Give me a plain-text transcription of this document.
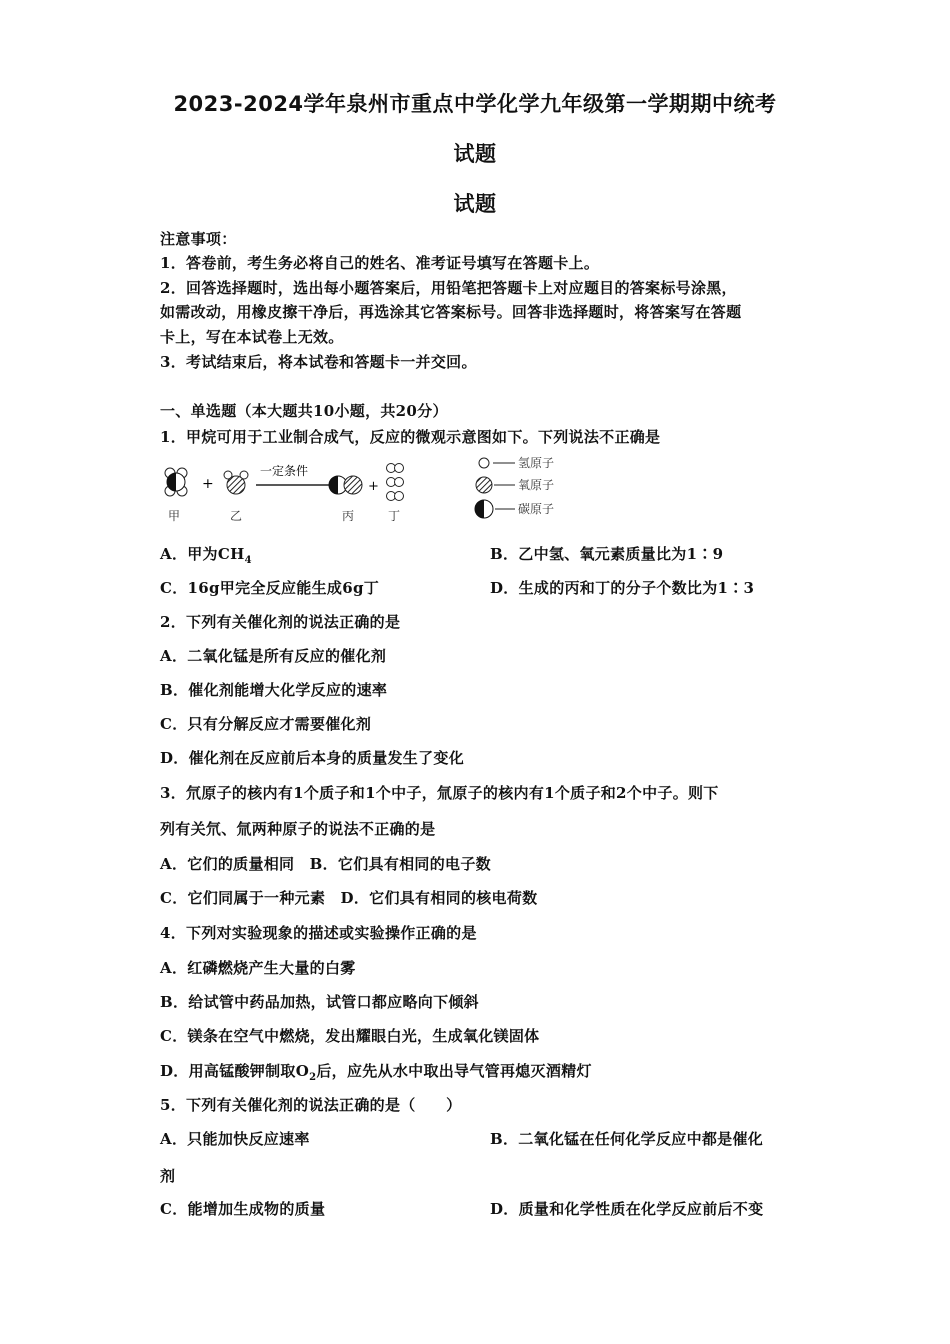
2023-2024学年泉州市重点中学化学九年级第一学期期中统考
试题
试题
注意事项：
1．答卷前，考生务必将自己的姓名、准考证号填写在答题卡上。
2．回答选择题时，选出每小题答案后，用铅笔把答题卡上对应题目的答案标号涂黑，
如需改动，用橡皮擦干净后，再选涂其它答案标号。回答非选择题时，将答案写在答题
卡上，写在本试卷上无效。
3．考试结束后，将本试卷和答题卡一并交回。
一、单选题（本大题共10小题，共20分）
1．甲烷可用于工业制合成气，反应的微观示意图如下。下列说法不正确是
+
一定条件
+
甲	乙	丙	丁
氢原子
氧原子
碳原子
A．甲为$CH_4$	B．乙中氢、氧元素质量比为1∶9
C．16g甲完全反应能生成6g丁	D．生成的丙和丁的分子个数比为1∶3
2．下列有关催化剂的说法正确的是
A．二氧化锰是所有反应的催化剂
B．催化剂能增大化学反应的速率
C．只有分解反应才需要催化剂
D．催化剂在反应前后本身的质量发生了变化
3．氘原子的核内有1个质子和1个中子，氚原子的核内有1个质子和2个中子。则下
列有关氘、氚两种原子的说法不正确的是
A．它们的质量相同　B．它们具有相同的电子数
C．它们同属于一种元素　D．它们具有相同的核电荷数
4．下列对实验现象的描述或实验操作正确的是
A．红磷燃烧产生大量的白雾
B．给试管中药品加热，试管口都应略向下倾斜
C．镁条在空气中燃烧，发出耀眼白光，生成氧化镁固体
D．用高锰酸钾制取$O_2$后，应先从水中取出导气管再熄灭酒精灯
5．下列有关催化剂的说法正确的是（　　）
A．只能加快反应速率	B．二氧化锰在任何化学反应中都是催化
剂
C．能增加生成物的质量	D．质量和化学性质在化学反应前后不变
